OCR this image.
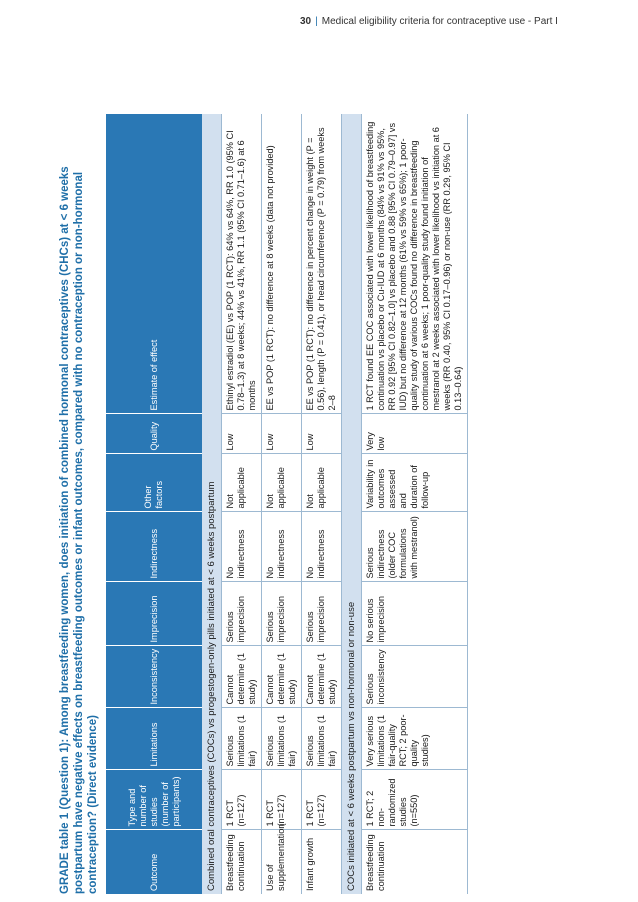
30 | Medical eligibility criteria for contraceptive use - Part I
GRADE table 1 (Question 1): Among breastfeeding women, does initiation of combined hormonal contraceptives (CHCs) at < 6 weeks postpartum have negative effects on breastfeeding outcomes or infant outcomes, compared with no contraception or non-hormonal contraception? (Direct evidence)	Outcome	Type and number of studies (number of participants)	Limitations	Inconsistency	Imprecision	Indirectness	Other factors	Quality	Estimate of effect
Combined oral contraceptives (COCs) vs progestogen-only pills initiated at < 6 weeks postpartum								
Breastfeeding continuation	1 RCT (n=127)	Serious limitations (1 fair)	Cannot determine (1 study)	Serious imprecision	No indirectness	Not applicable	Low	Ethinyl estradiol (EE) vs POP (1 RCT): 64% vs 64%, RR 1.0 (95% CI 0.78–1.3) at 8 weeks; 44% vs 41%, RR 1.1 (95% CI 0.71–1.6) at 6 months
Use of supplementation	1 RCT (n=127)	Serious limitations (1 fair)	Cannot determine (1 study)	Serious imprecision	No indirectness	Not applicable	Low	EE vs POP (1 RCT): no difference at 8 weeks (data not provided)
Infant growth	1 RCT (n=127)	Serious limitations (1 fair)	Cannot determine (1 study)	Serious imprecision	No indirectness	Not applicable	Low	EE vs POP (1 RCT): no difference in percent change in weight (P = 0.56), length (P = 0.41), or head circumference (P = 0.79) from weeks 2–8
COCs initiated at < 6 weeks postpartum vs non-hormonal or non-use								
Breastfeeding continuation	1 RCT; 2 non-randomized studies (n=550)	Very serious limitations (1 fair-quality RCT; 2 poor-quality studies)	Serious inconsistency	No serious imprecision	Serious indirectness (older COC formulations with mestranol)	Variability in outcomes assessed and duration of follow-up	Very low	1 RCT found EE COC associated with lower likelihood of breastfeeding continuation vs placebo or Cu-IUD at 6 months (84% vs 91% vs 95%, RR 0.92 [95% CI 0.82–1.0] vs placebo and 0.88 [95% CI 0.79–0.97] vs IUD) but no difference at 12 months (61% vs 59% vs 65%); 1 poor-quality study of various COCs found no difference in breastfeeding continuation at 6 weeks; 1 poor-quality study found initiation of mestranol at 2 weeks associated with lower likelihood vs initiation at 6 weeks (RR 0.40, 95% CI 0.17–0.96) or non-use (RR 0.29, 95% CI 0.13–0.64)
